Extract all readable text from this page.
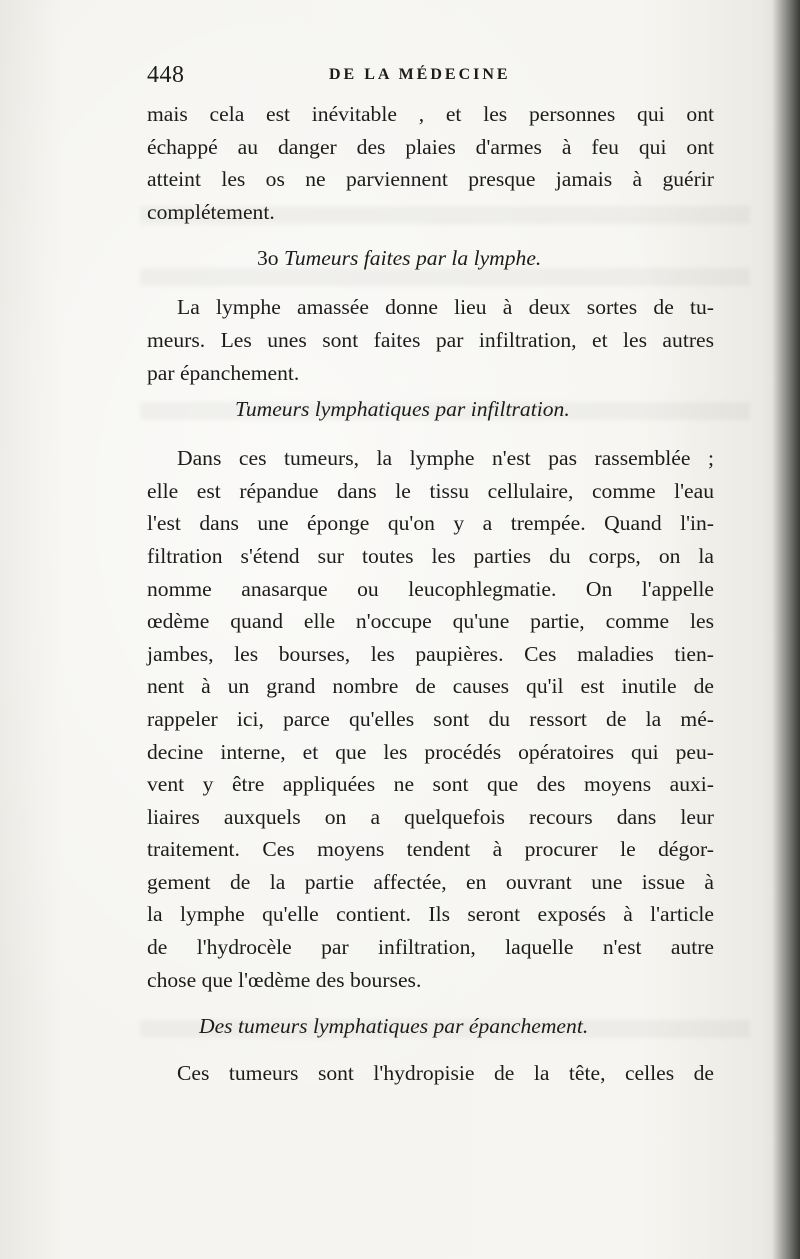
448	DE LA MÉDECINE
mais cela est inévitable , et les personnes qui ont
échappé au danger des plaies d'armes à feu qui ont
atteint les os ne parviennent presque jamais à guérir
complétement.
3o Tumeurs faites par la lymphe.
La lymphe amassée donne lieu à deux sortes de tu-
meurs. Les unes sont faites par infiltration, et les autres
par épanchement.
Tumeurs lymphatiques par infiltration.
Dans ces tumeurs, la lymphe n'est pas rassemblée ;
elle est répandue dans le tissu cellulaire, comme l'eau
l'est dans une éponge qu'on y a trempée. Quand l'in-
filtration s'étend sur toutes les parties du corps, on la
nomme anasarque ou leucophlegmatie. On l'appelle
œdème quand elle n'occupe qu'une partie, comme les
jambes, les bourses, les paupières. Ces maladies tien-
nent à un grand nombre de causes qu'il est inutile de
rappeler ici, parce qu'elles sont du ressort de la mé-
decine interne, et que les procédés opératoires qui peu-
vent y être appliquées ne sont que des moyens auxi-
liaires auxquels on a quelquefois recours dans leur
traitement. Ces moyens tendent à procurer le dégor-
gement de la partie affectée, en ouvrant une issue à
la lymphe qu'elle contient. Ils seront exposés à l'article
de l'hydrocèle par infiltration, laquelle n'est autre
chose que l'œdème des bourses.
Des tumeurs lymphatiques par épanchement.
Ces tumeurs sont l'hydropisie de la tête, celles de
